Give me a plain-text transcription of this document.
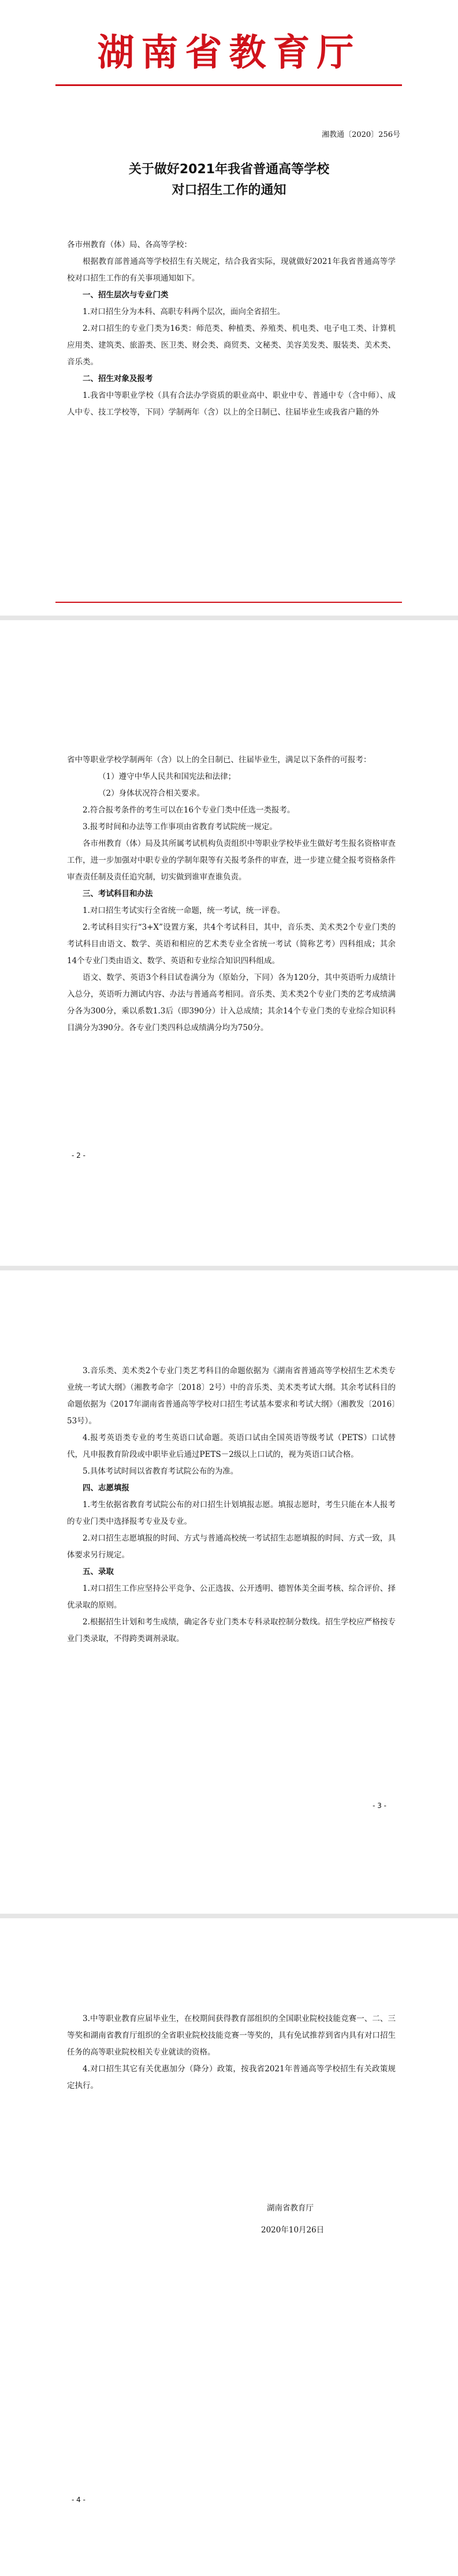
湖南省教育厅
湘教通〔2020〕256号
关于做好2021年我省普通高等学校
对口招生工作的通知

各市州教育（体）局、各高等学校：

根据教育部普通高等学校招生有关规定，结合我省实际，现就做好2021年我省普通高等学校对口招生工作的有关事项通知如下。

一、招生层次与专业门类

1.对口招生分为本科、高职专科两个层次，面向全省招生。

2.对口招生的专业门类为16类：师范类、种植类、养殖类、机电类、电子电工类、计算机应用类、建筑类、旅游类、医卫类、财会类、商贸类、文秘类、美容美发类、服装类、美术类、音乐类。

二、招生对象及报考

1.我省中等职业学校（具有合法办学资质的职业高中、职业中专、普通中专（含中师）、成人中专、技工学校等，下同）学制两年（含）以上的全日制已、往届毕业生或我省户籍的外

省中等职业学校学制两年（含）以上的全日制已、往届毕业生，满足以下条件的可报考：

（1）遵守中华人民共和国宪法和法律；

（2）身体状况符合相关要求。

2.符合报考条件的考生可以在16个专业门类中任选一类报考。

3.报考时间和办法等工作事项由省教育考试院统一规定。

各市州教育（体）局及其所属考试机构负责组织中等职业学校毕业生做好考生报名资格审查工作，进一步加强对中职专业的学制年限等有关报考条件的审查，进一步建立健全报考资格条件审查责任制及责任追究制，切实做到谁审查谁负责。

三、考试科目和办法

1.对口招生考试实行全省统一命题，统一考试，统一评卷。

2.考试科目实行“3+X”设置方案，共4个考试科目，其中，音乐类、美术类2个专业门类的考试科目由语文、数学、英语和相应的艺术类专业全省统一考试（简称艺考）四科组成；其余14个专业门类由语文、数学、英语和专业综合知识四科组成。

语文、数学、英语3个科目试卷满分为（原始分，下同）各为120分，其中英语听力成绩计入总分，英语听力测试内容、办法与普通高考相同。音乐类、美术类2个专业门类的艺考成绩满分各为300分，乘以系数1.3后（即390分）计入总成绩；其余14个专业门类的专业综合知识科目满分为390分。各专业门类四科总成绩满分均为750分。

- 2 -

3.音乐类、美术类2个专业门类艺考科目的命题依据为《湖南省普通高等学校招生艺术类专业统一考试大纲》（湘教考命字〔2018〕2号）中的音乐类、美术类考试大纲。其余考试科目的命题依据为《2017年湖南省普通高等学校对口招生考试基本要求和考试大纲》（湘教发〔2016〕53号）。

4.报考英语类专业的考生英语口试命题。英语口试由全国英语等级考试（PETS）口试替代，凡申报教育阶段或中职毕业后通过PETS－2级以上口试的，视为英语口试合格。

5.具体考试时间以省教育考试院公布的为准。

四、志愿填报

1.考生依据省教育考试院公布的对口招生计划填报志愿。填报志愿时，考生只能在本人报考的专业门类中选择报考专业及专业。

2.对口招生志愿填报的时间、方式与普通高校统一考试招生志愿填报的时间、方式一致，具体要求另行规定。

五、录取

1.对口招生工作应坚持公平竞争、公正选拔、公开透明、德智体美全面考核、综合评价、择优录取的原则。

2.根据招生计划和考生成绩，确定各专业门类本专科录取控制分数线。招生学校应严格按专业门类录取，不得跨类调剂录取。

- 3 -

3.中等职业教育应届毕业生，在校期间获得教育部组织的全国职业院校技能竞赛一、二、三等奖和湖南省教育厅组织的全省职业院校技能竞赛一等奖的，具有免试推荐到省内具有对口招生任务的高等职业院校相关专业就读的资格。

4.对口招生其它有关优惠加分（降分）政策，按我省2021年普通高等学校招生有关政策规定执行。

湖南省教育厅
2020年10月26日
- 4 -
